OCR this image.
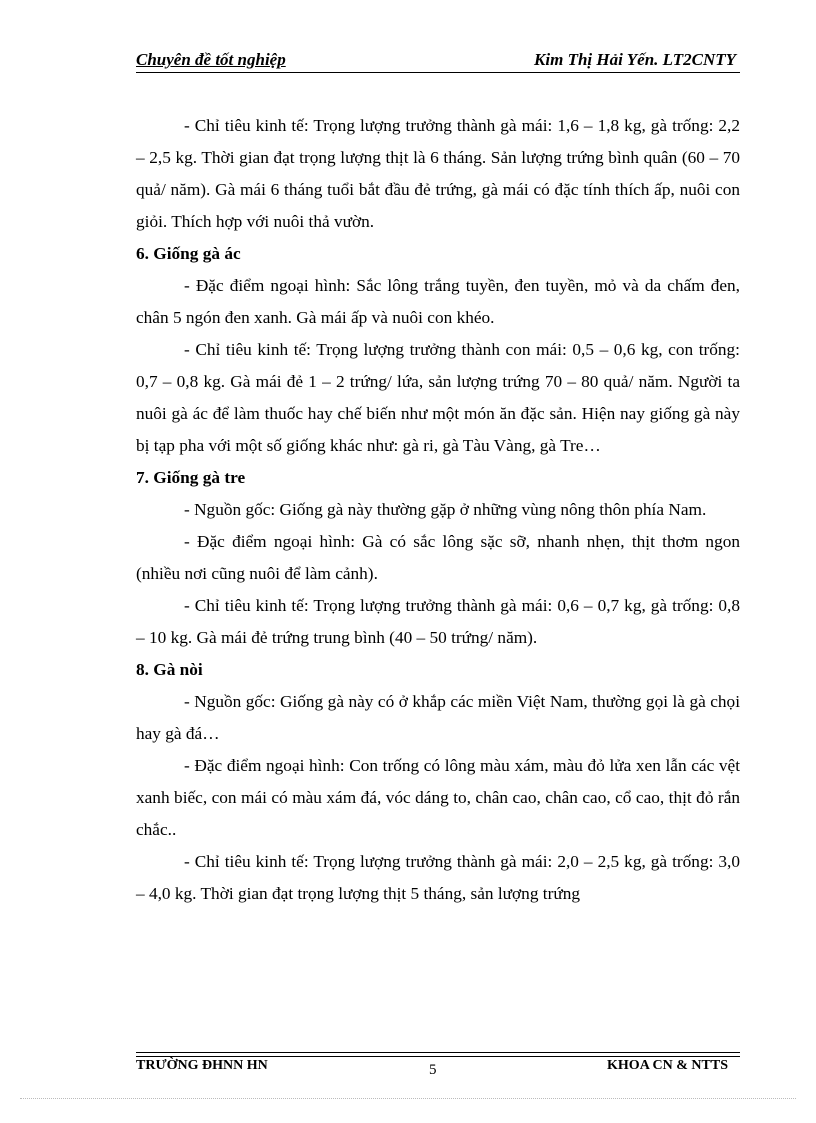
Chuyên đề tốt nghiệp	Kim Thị Hải Yến. LT2CNTY

- Chỉ tiêu kinh tế: Trọng lượng trưởng thành gà mái: 1,6 – 1,8 kg, gà trống: 2,2 – 2,5 kg. Thời gian đạt trọng lượng thịt là 6 tháng. Sản lượng trứng bình quân (60 – 70 quả/ năm). Gà mái 6 tháng tuổi bắt đầu đẻ trứng, gà mái có đặc tính thích ấp, nuôi con giỏi. Thích hợp với nuôi thả vườn.

6. Giống gà ác

- Đặc điểm ngoại hình: Sắc lông trắng tuyền, đen tuyền, mỏ và da chấm đen, chân 5 ngón đen xanh. Gà mái ấp và nuôi con khéo.

- Chỉ tiêu kinh tế: Trọng lượng trưởng thành con mái: 0,5 – 0,6 kg, con trống: 0,7 – 0,8 kg. Gà mái đẻ 1 – 2 trứng/ lứa, sản lượng trứng 70 – 80 quả/ năm. Người ta nuôi gà ác để làm thuốc hay chế biến như một món ăn đặc sản. Hiện nay giống gà này bị tạp pha với một số giống khác như: gà ri, gà Tàu Vàng, gà Tre…

7. Giống gà tre

- Nguồn gốc: Giống gà này thường gặp ở những vùng nông thôn phía Nam.

- Đặc điểm ngoại hình: Gà có sắc lông sặc sỡ, nhanh nhẹn, thịt thơm ngon (nhiều nơi cũng nuôi để làm cảnh).

- Chỉ tiêu kinh tế: Trọng lượng trưởng thành gà mái: 0,6 – 0,7 kg, gà trống: 0,8 – 10 kg. Gà mái đẻ trứng trung bình (40 – 50 trứng/ năm).

8. Gà nòi

- Nguồn gốc: Giống gà này có ở khắp các miền Việt Nam, thường gọi là gà chọi hay gà đá…

- Đặc điểm ngoại hình: Con trống có lông màu xám, màu đỏ lửa xen lẫn các vệt xanh biếc, con mái có màu xám đá, vóc dáng to, chân cao, chân cao, cổ cao, thịt đỏ rắn chắc..

- Chỉ tiêu kinh tế: Trọng lượng trưởng thành gà mái: 2,0 – 2,5 kg, gà trống: 3,0 – 4,0 kg. Thời gian đạt trọng lượng thịt 5 tháng, sản lượng trứng

TRƯỜNG ĐHNN HN	5	KHOA CN & NTTS
